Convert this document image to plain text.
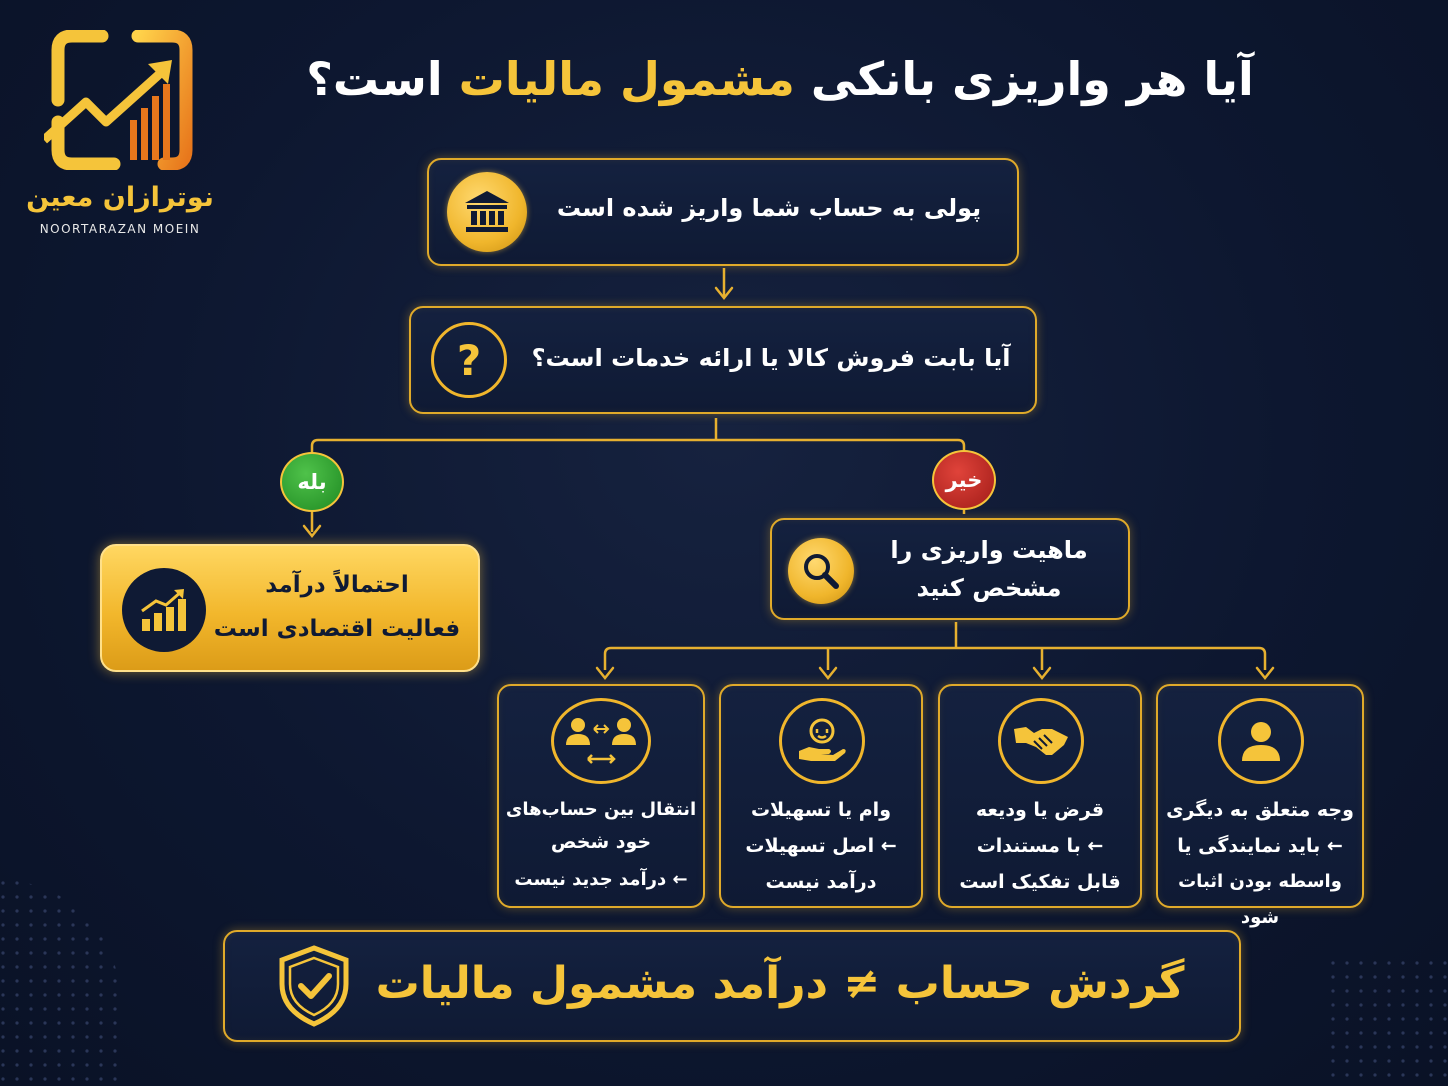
نوترازان معین
NOORTARAZAN MOEIN
آیا هر واریزی بانکی مشمول مالیات است؟
پولی به حساب شما واریز شده است
?	آیا بابت فروش کالا یا ارائه خدمات است؟
بله
احتمالاً درآمد
فعالیت اقتصادی است
خیر
ماهیت واریزی را
مشخص کنید
وجه متعلق به دیگری
← باید نمایندگی یا
واسطه بودن اثبات شود
قرض یا ودیعه
← با مستندات
قابل تفکیک است
وام یا تسهیلات
← اصل تسهیلات
درآمد نیست
انتقال بین حساب‌های
خود شخص
← درآمد جدید نیست
گردش حساب ≠ درآمد مشمول مالیات
